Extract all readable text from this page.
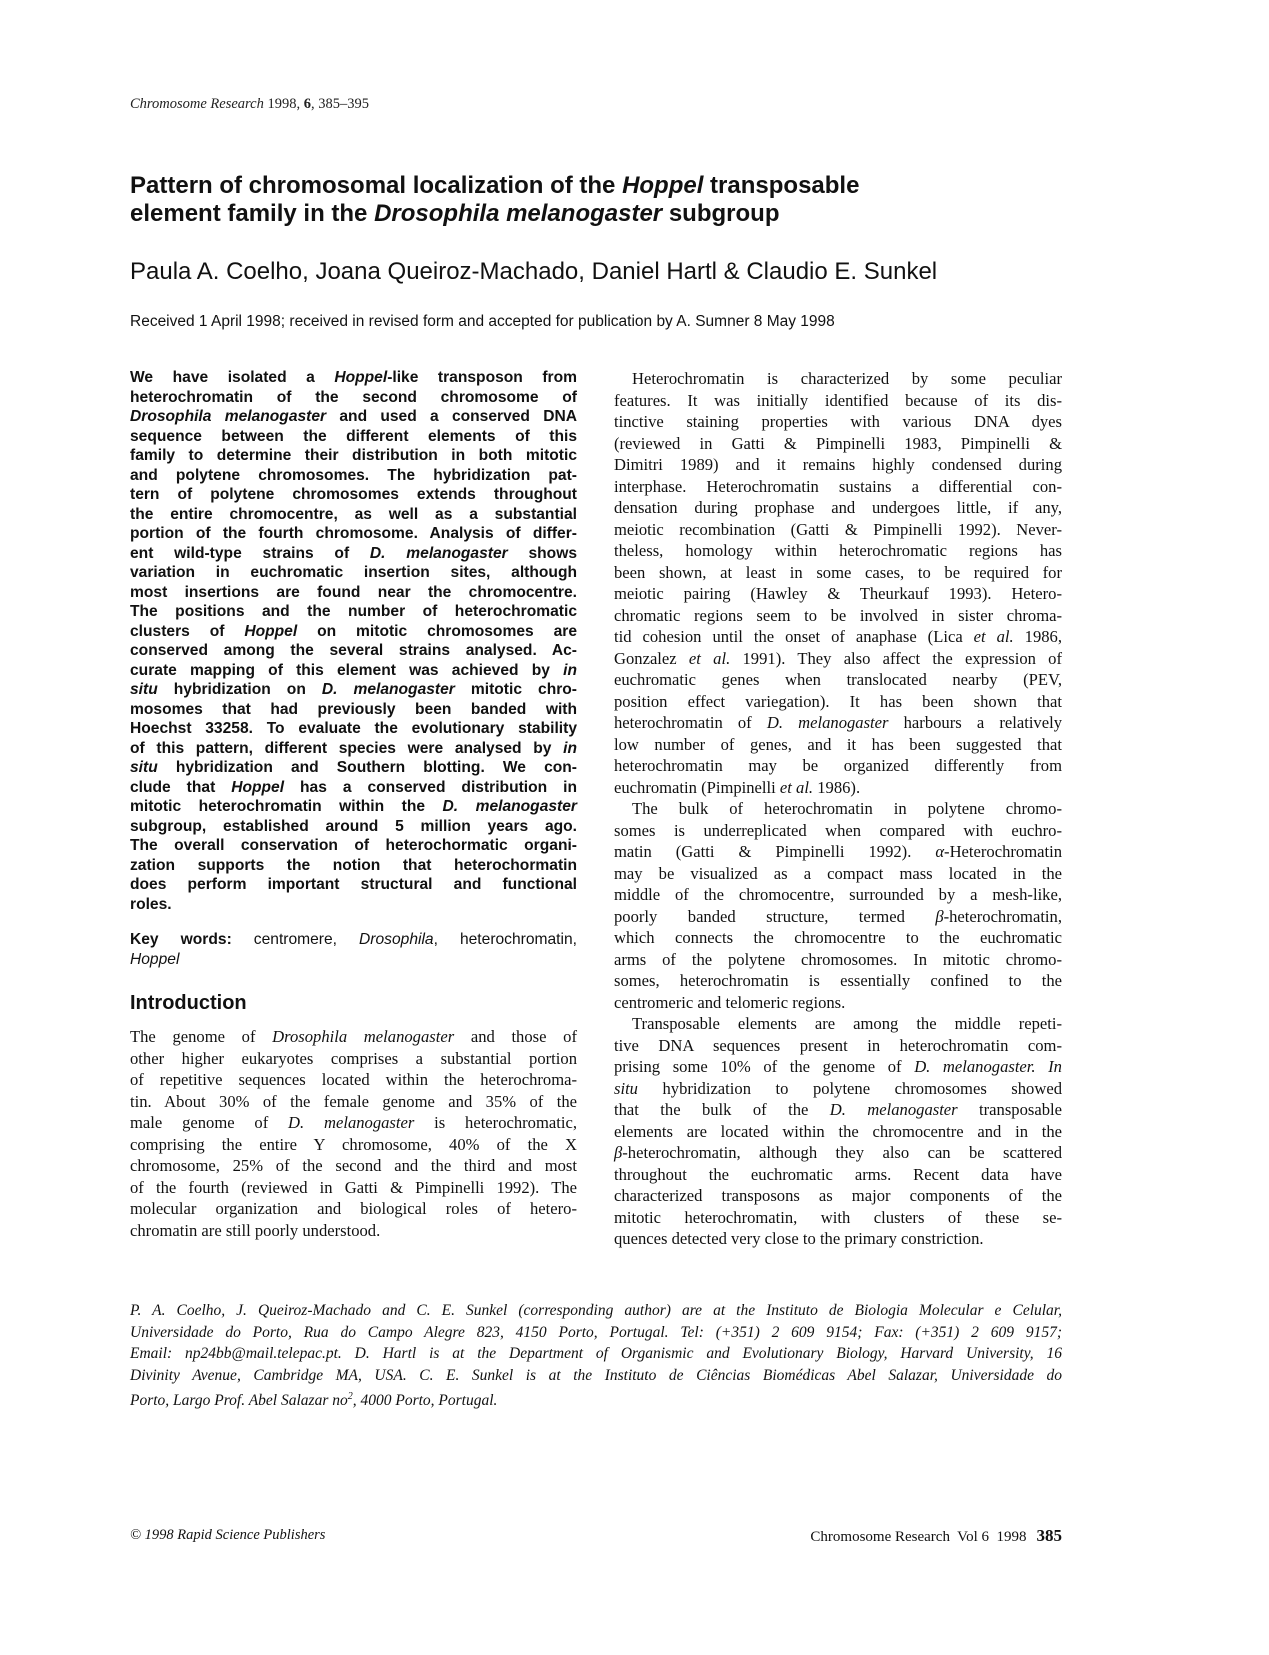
Chromosome Research 1998, 6, 385–395
Pattern of chromosomal localization of the Hoppel transposable
element family in the Drosophila melanogaster subgroup
Paula A. Coelho, Joana Queiroz-Machado, Daniel Hartl & Claudio E. Sunkel
Received 1 April 1998; received in revised form and accepted for publication by A. Sumner 8 May 1998
We have isolated a Hoppel-like transposon from
heterochromatin of the second chromosome of
Drosophila melanogaster and used a conserved DNA
sequence between the different elements of this
family to determine their distribution in both mitotic
and polytene chromosomes. The hybridization pat-
tern of polytene chromosomes extends throughout
the entire chromocentre, as well as a substantial
portion of the fourth chromosome. Analysis of differ-
ent wild-type strains of D. melanogaster shows
variation in euchromatic insertion sites, although
most insertions are found near the chromocentre.
The positions and the number of heterochromatic
clusters of Hoppel on mitotic chromosomes are
conserved among the several strains analysed. Ac-
curate mapping of this element was achieved by in
situ hybridization on D. melanogaster mitotic chro-
mosomes that had previously been banded with
Hoechst 33258. To evaluate the evolutionary stability
of this pattern, different species were analysed by in
situ hybridization and Southern blotting. We con-
clude that Hoppel has a conserved distribution in
mitotic heterochromatin within the D. melanogaster
subgroup, established around 5 million years ago.
The overall conservation of heterochormatic organi-
zation supports the notion that heterochormatin
does perform important structural and functional
roles.
Key words: centromere, Drosophila, heterochromatin,
Hoppel
Introduction
The genome of Drosophila melanogaster and those of
other higher eukaryotes comprises a substantial portion
of repetitive sequences located within the heterochroma-
tin. About 30% of the female genome and 35% of the
male genome of D. melanogaster is heterochromatic,
comprising the entire Y chromosome, 40% of the X
chromosome, 25% of the second and the third and most
of the fourth (reviewed in Gatti & Pimpinelli 1992). The
molecular organization and biological roles of hetero-
chromatin are still poorly understood.
Heterochromatin is characterized by some peculiar
features. It was initially identified because of its dis-
tinctive staining properties with various DNA dyes
(reviewed in Gatti & Pimpinelli 1983, Pimpinelli &
Dimitri 1989) and it remains highly condensed during
interphase. Heterochromatin sustains a differential con-
densation during prophase and undergoes little, if any,
meiotic recombination (Gatti & Pimpinelli 1992). Never-
theless, homology within heterochromatic regions has
been shown, at least in some cases, to be required for
meiotic pairing (Hawley & Theurkauf 1993). Hetero-
chromatic regions seem to be involved in sister chroma-
tid cohesion until the onset of anaphase (Lica et al. 1986,
Gonzalez et al. 1991). They also affect the expression of
euchromatic genes when translocated nearby (PEV,
position effect variegation). It has been shown that
heterochromatin of D. melanogaster harbours a relatively
low number of genes, and it has been suggested that
heterochromatin may be organized differently from
euchromatin (Pimpinelli et al. 1986).
The bulk of heterochromatin in polytene chromo-
somes is underreplicated when compared with euchro-
matin (Gatti & Pimpinelli 1992). α-Heterochromatin
may be visualized as a compact mass located in the
middle of the chromocentre, surrounded by a mesh-like,
poorly banded structure, termed β-heterochromatin,
which connects the chromocentre to the euchromatic
arms of the polytene chromosomes. In mitotic chromo-
somes, heterochromatin is essentially confined to the
centromeric and telomeric regions.
Transposable elements are among the middle repeti-
tive DNA sequences present in heterochromatin com-
prising some 10% of the genome of D. melanogaster. In
situ hybridization to polytene chromosomes showed
that the bulk of the D. melanogaster transposable
elements are located within the chromocentre and in the
β-heterochromatin, although they also can be scattered
throughout the euchromatic arms. Recent data have
characterized transposons as major components of the
mitotic heterochromatin, with clusters of these se-
quences detected very close to the primary constriction.
P. A. Coelho, J. Queiroz-Machado and C. E. Sunkel (corresponding author) are at the Instituto de Biologia Molecular e Celular,
Universidade do Porto, Rua do Campo Alegre 823, 4150 Porto, Portugal. Tel: (+351) 2 609 9154; Fax: (+351) 2 609 9157;
Email: np24bb@mail.telepac.pt. D. Hartl is at the Department of Organismic and Evolutionary Biology, Harvard University, 16
Divinity Avenue, Cambridge MA, USA. C. E. Sunkel is at the Instituto de Ciências Biomédicas Abel Salazar, Universidade do
Porto, Largo Prof. Abel Salazar $no^2$, 4000 Porto, Portugal.
© 1998 Rapid Science Publishers	Chromosome Research  Vol 6  1998 385
